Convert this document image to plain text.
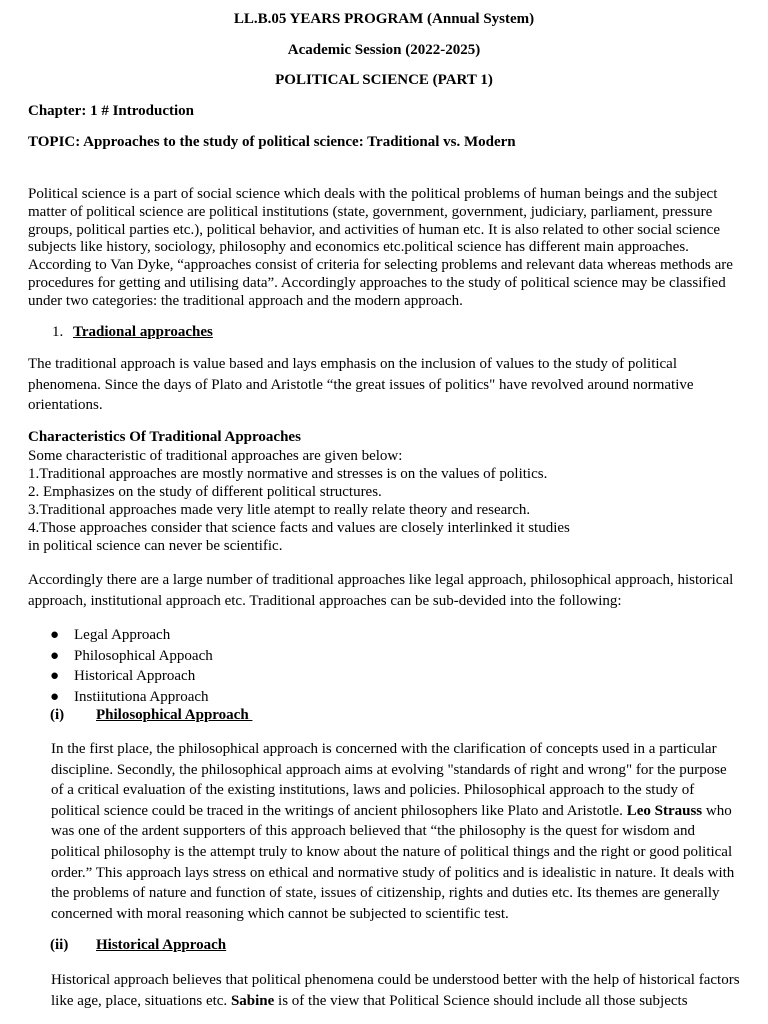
LL.B.05 YEARS PROGRAM (Annual System)
Academic Session (2022-2025)
POLITICAL SCIENCE (PART 1)
Chapter: 1 # Introduction
TOPIC: Approaches to the study of political science: Traditional vs. Modern
Political science is a part of social science which deals with the political problems of human beings and the subject matter of political science are political institutions (state, government, government, judiciary, parliament, pressure groups, political parties etc.), political behavior, and activities of human etc. It is also related to other social science subjects like history, sociology, philosophy and economics etc.political science has different main approaches. According to Van Dyke, “approaches consist of criteria for selecting problems and relevant data whereas methods are procedures for getting and utilising data”. Accordingly approaches to the study of political science may be classified under two categories: the traditional approach and the modern approach.
1. Tradional approaches
The traditional approach is value based and lays emphasis on the inclusion of values to the study of political phenomena. Since the days of Plato and Aristotle “the great issues of politics" have revolved around normative orientations.
Characteristics Of Traditional Approaches
Some characteristic of traditional approaches are given below:
1.Traditional approaches are mostly normative and stresses is on the values of politics.
2. Emphasizes on the study of different political structures.
3.Traditional approaches made very litle atempt to really relate theory and research.
4.Those approaches consider that science facts and values are closely interlinked it studies
in political science can never be scientific.
Accordingly there are a large number of traditional approaches like legal approach, philosophical approach, historical approach, institutional approach etc. Traditional approaches can be sub-devided into the following:
● Legal Approach
● Philosophical Appoach
● Historical Approach
● Instiitutiona Approach
(i) Philosophical Approach
In the first place, the philosophical approach is concerned with the clarification of concepts used in a particular discipline. Secondly, the philosophical approach aims at evolving "standards of right and wrong" for the purpose of a critical evaluation of the existing institutions, laws and policies. Philosophical approach to the study of political science could be traced in the writings of ancient philosophers like Plato and Aristotle. Leo Strauss who was one of the ardent supporters of this approach believed that “the philosophy is the quest for wisdom and political philosophy is the attempt truly to know about the nature of political things and the right or good political order.” This approach lays stress on ethical and normative study of politics and is idealistic in nature. It deals with the problems of nature and function of state, issues of citizenship, rights and duties etc. Its themes are generally concerned with moral reasoning which cannot be subjected to scientific test.
(ii) Historical Approach
Historical approach believes that political phenomena could be understood better with the help of historical factors like age, place, situations etc. Sabine is of the view that Political Science should include all those subjects
